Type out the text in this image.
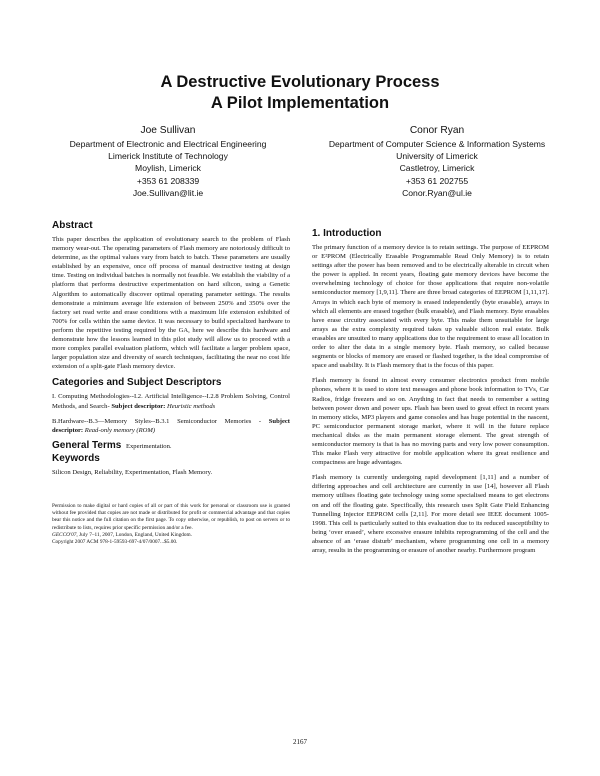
A Destructive Evolutionary Process
A Pilot Implementation
Joe Sullivan
Department of Electronic and Electrical Engineering
Limerick Institute of Technology
Moylish, Limerick
+353 61 208339
Joe.Sullivan@lit.ie
Conor Ryan
Department of Computer Science & Information Systems
University of Limerick
Castletroy, Limerick
+353 61 202755
Conor.Ryan@ul.ie
Abstract

This paper describes the application of evolutionary search to the problem of Flash memory wear-out. The operating parameters of Flash memory are notoriously difficult to determine, as the optimal values vary from batch to batch. These parameters are usually established by an expensive, once off process of manual destructive testing at design time. Testing on individual batches is normally not feasible. We establish the viability of a platform that performs destructive experimentation on hard silicon, using a Genetic Algorithm to automatically discover optimal operating parameter settings. The results demonstrate a minimum average life extension of between 250% and 350% over the factory set read write and erase conditions with a maximum life extension exhibited of 700% for cells within the same device. It was necessary to build specialized hardware to perform the repetitive testing required by the GA, here we describe this hardware and demonstrate how the lessons learned in this pilot study will allow us to proceed with a more complex parallel evaluation platform, which will facilitate a larger problem space, larger population size and diversity of search techniques, facilitating the near no cost life extension of a split-gate Flash memory device.

Categories and Subject Descriptors

I. Computing Methodologies--I.2. Artificial Intelligence--I.2.8 Problem Solving, Control Methods, and Search- Subject descriptor: Heuristic methods

B.Hardware--B.3—Memory Styles--B.3.1 Semiconductor Memories - Subject descriptor: Read-only memory (ROM)

General Terms Experimentation.
Keywords

Silicon Design, Reliability, Experimentation, Flash Memory.

Permission to make digital or hard copies of all or part of this work for personal or classroom use is granted without fee provided that copies are not made or distributed for profit or commercial advantage and that copies bear this notice and the full citation on the first page. To copy otherwise, or republish, to post on servers or to redistribute to lists, requires prior specific permission and/or a fee.

GECCO'07, July 7–11, 2007, London, England, United Kingdom.

Copyright 2007 ACM 978-1-59593-697-4/07/0007...$5.00.

1. Introduction

The primary function of a memory device is to retain settings. The purpose of EEPROM or E²PROM (Electrically Erasable Programmable Read Only Memory) is to retain settings after the power has been removed and to be electrically alterable in circuit when the power is applied. In recent years, floating gate memory devices have become the overwhelming technology of choice for those applications that require non-volatile semiconductor memory [1,9,11]. There are three broad categories of EEPROM [1,11,17]. Arrays in which each byte of memory is erased independently (byte erasable), arrays in which all elements are erased together (bulk erasable), and Flash memory. Byte erasables have erase circuitry associated with every byte. This make them unsuitable for large arrays as the extra complexity required takes up valuable silicon real estate. Bulk erasables are unsuited to many applications due to the requirement to erase all location in order to alter the data in a single memory byte. Flash memory, so called because segments or blocks of memory are erased or flashed together, is the ideal compromise of space and usability. It is Flash memory that is the focus of this paper.

Flash memory is found in almost every consumer electronics product from mobile phones, where it is used to store text messages and phone book information to TVs, Car Radios, fridge freezers and so on. Anything in fact that needs to remember a setting between power down and power ups. Flash has been used to great effect in recent years in memory sticks, MP3 players and game consoles and has huge potential in the nascent, PC semiconductor permanent storage market, where it will in the future replace mechanical disks as the main permanent storage element. The great strength of semiconductor memory is that is has no moving parts and very low power consumption. This make Flash very attractive for mobile application where its great resilience and compactness are huge advantages.

Flash memory is currently undergoing rapid development [1,11] and a number of differing approaches and cell architecture are currently in use [14], however all Flash memory utilises floating gate technology using some specialised means to get electrons on and off the floating gate. Specifically, this research uses Split Gate Field Enhancing Tunnelling Injector EEPROM cells [2,11]. For more detail see IEEE document 1005-1998. This cell is particularly suited to this evaluation due to its reduced susceptibility to being ‘over erased’, where excessive erasure inhibits reprogramming of the cell and the absence of an ‘erase disturb’ mechanism, where programming one cell in a memory array, results in the programming or erasure of another nearby. Furthermore program

2167
